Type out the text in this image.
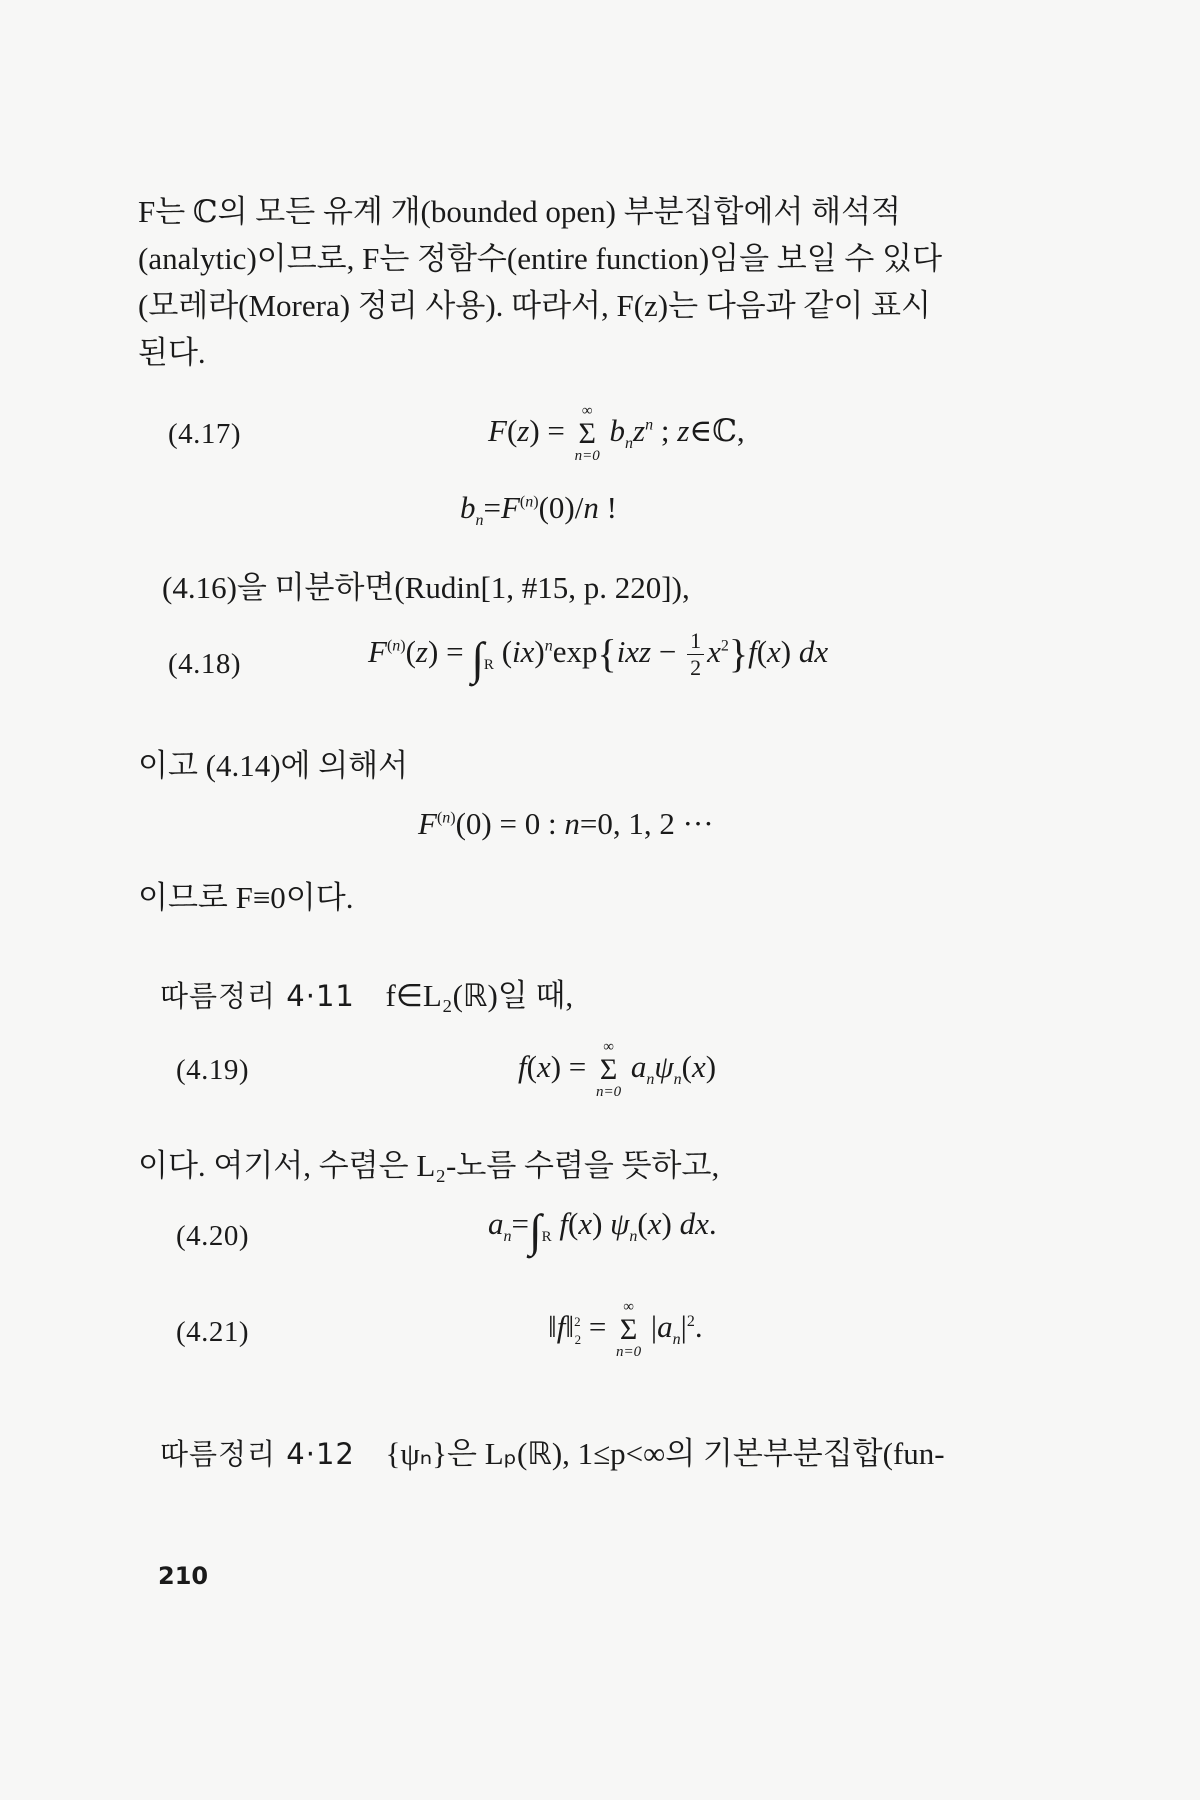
F는 ℂ의 모든 유계 개(bounded open) 부분집합에서 해석적
(analytic)이므로, F는 정함수(entire function)임을 보일 수 있다
(모레라(Morera) 정리 사용). 따라서, F(z)는 다음과 같이 표시
된다.
(4.17)	F(z) =
∞
Σ
n=0
$b_nz^n$ ; z∈ℂ,
$b_n=F^{(n)}(0)/n$ !
(4.16)을 미분하면(Rudin[1, #15, p. 220]),
(4.18)	$F^{(n)}(z) = \int_R$ $(ix)^n\exp\{ixz - \frac{1}{2} x^2\}f(x)$ dx
이고 (4.14)에 의해서
$F^{(n)}(0) = 0$ : n=0, 1, 2 ···
이므로 F≡0이다.
따름정리 4·11 f∈L₂(ℝ)일 때,
(4.19)	f(x) =
∞
Σ
n=0
$a_n\psi_n(x)$
이다. 여기서, 수렴은 L₂-노름 수렴을 뜻하고,
(4.20)	$a_n=\int_R$ f(x) $\psi_n(x)$ dx.
(4.21)	‖f‖$^2_2$ =
∞
Σ
n=0
$|a_n|^2$.
따름정리 4·12 {ψₙ}은 Lₚ(ℝ), 1≤p<∞의 기본부분집합(fun-
210
